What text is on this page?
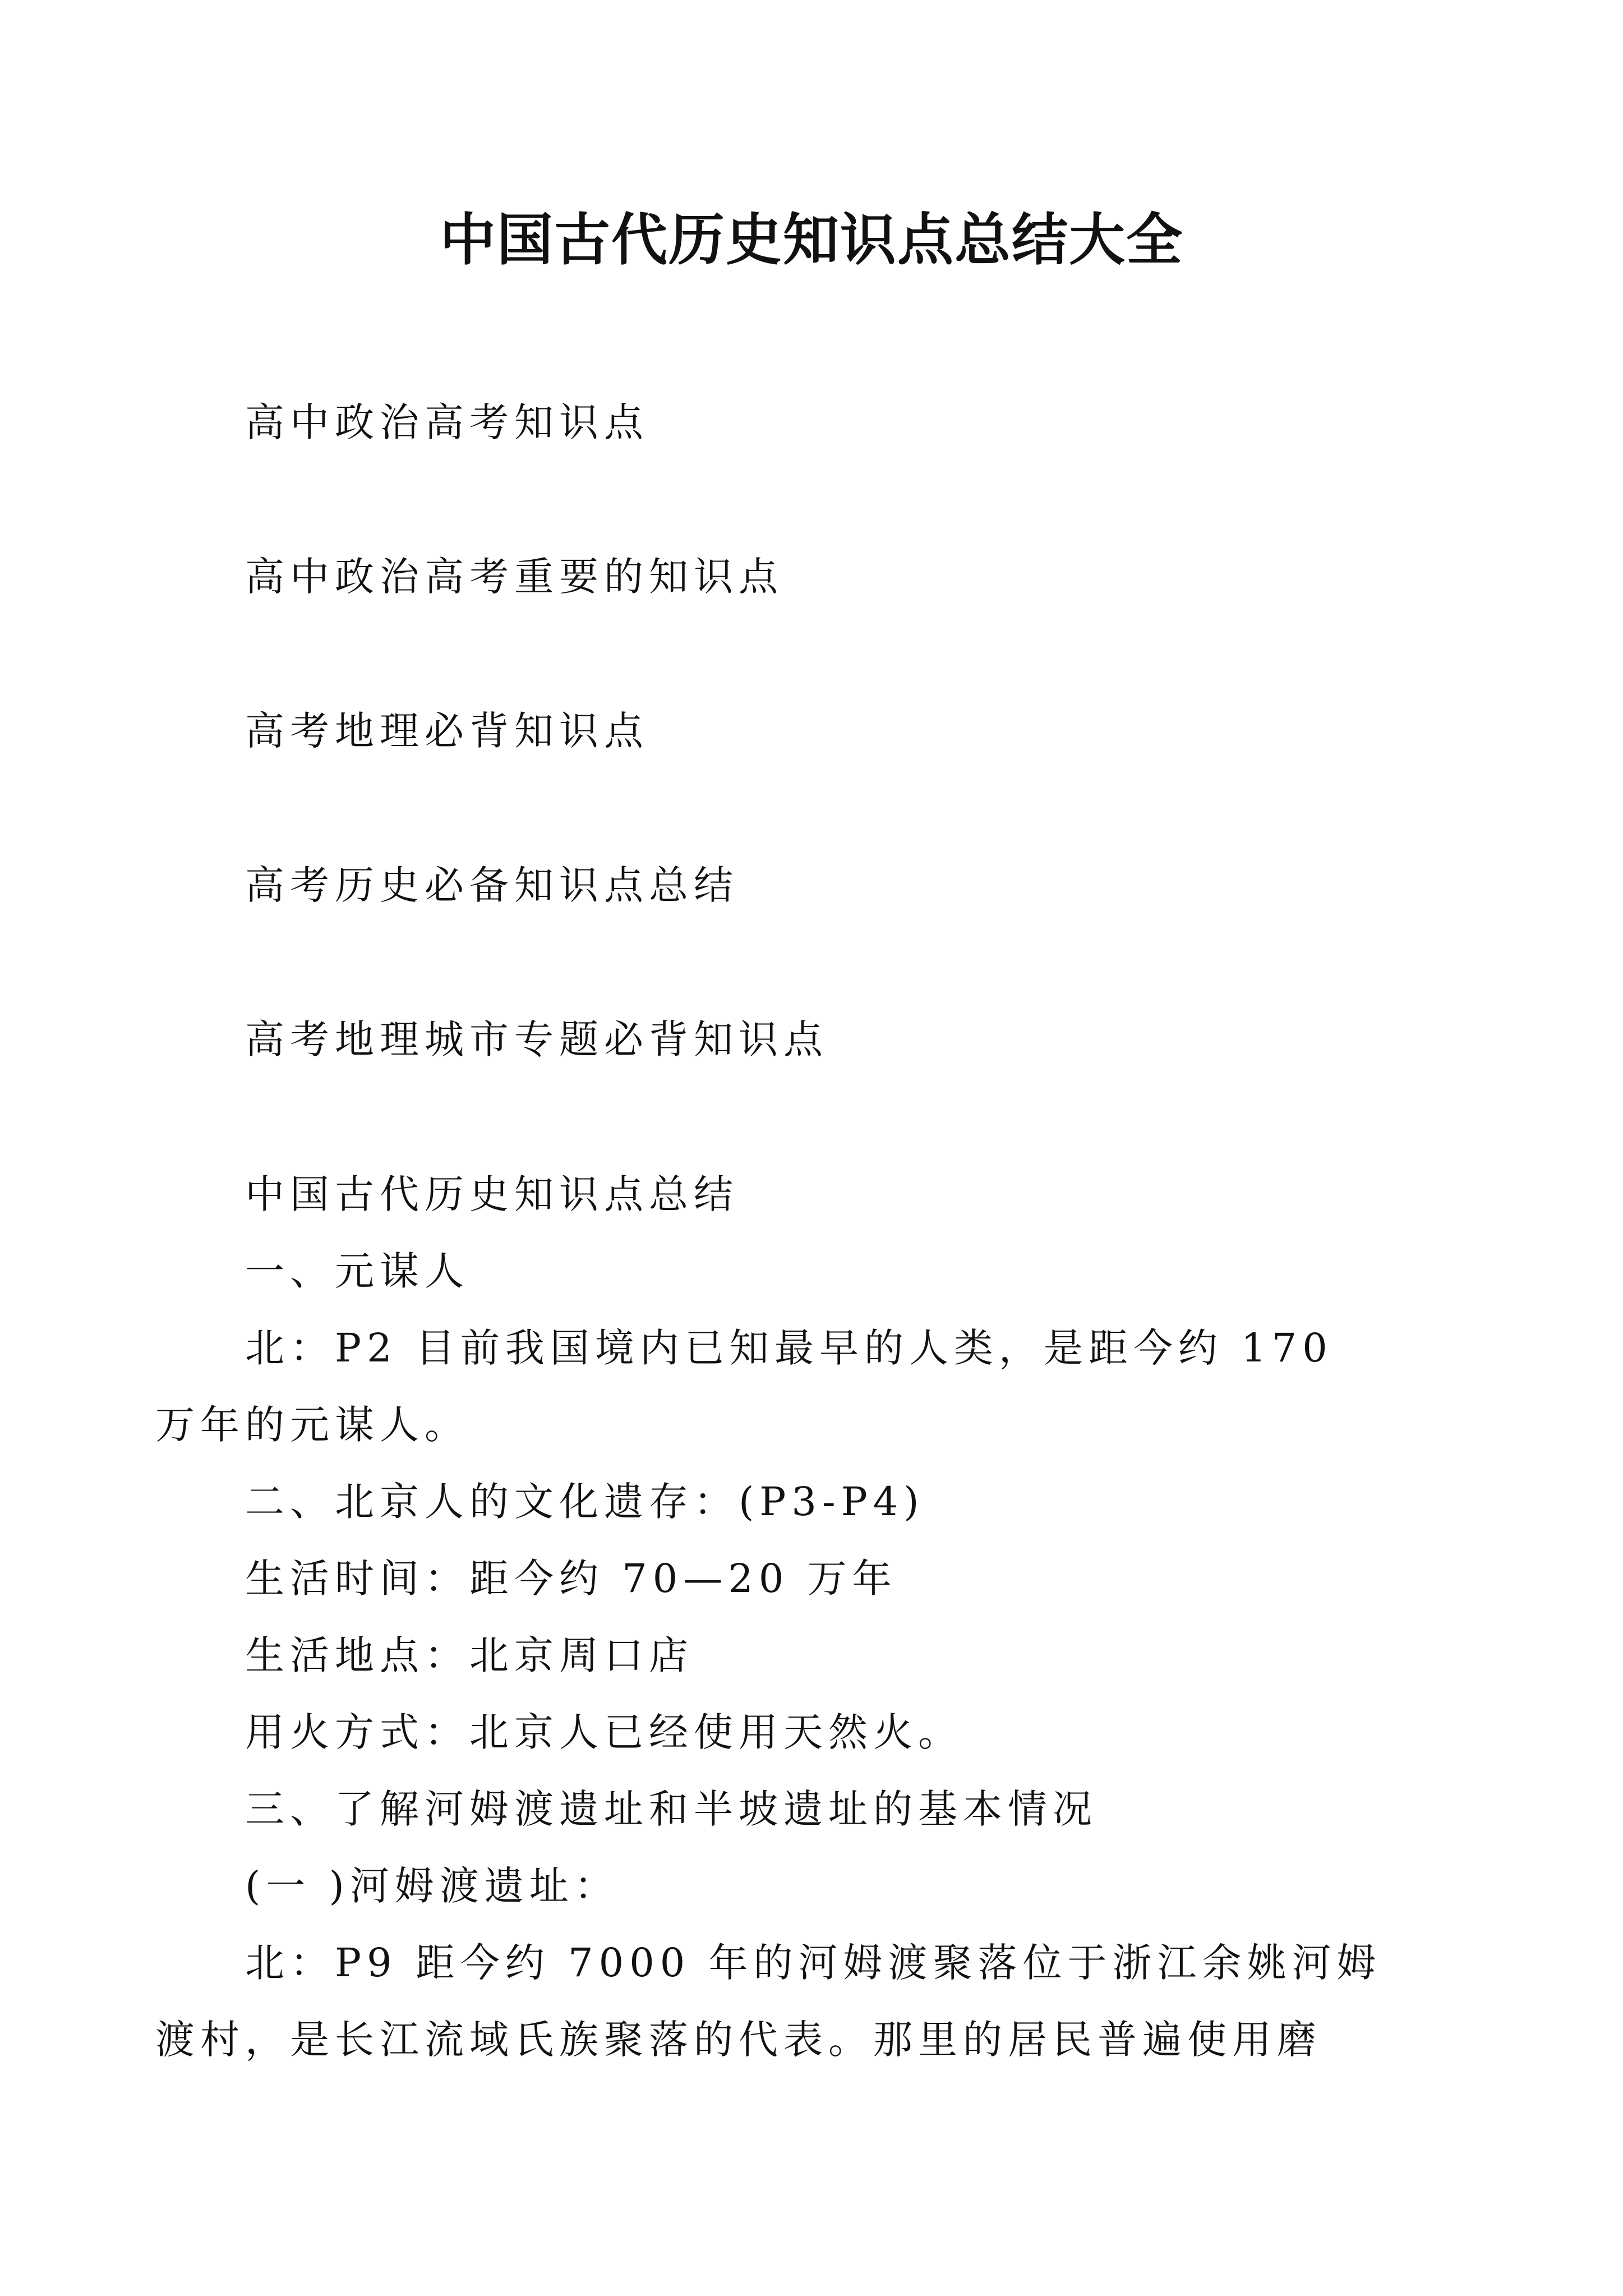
中国古代历史知识点总结大全
高中政治高考知识点
高中政治高考重要的知识点
高考地理必背知识点
高考历史必备知识点总结
高考地理城市专题必背知识点
中国古代历史知识点总结
一、元谋人
北：P2 目前我国境内已知最早的人类，是距今约 170 万年的元谋人。
二、北京人的文化遗存：(P3-P4)
生活时间：距今约 70—20 万年
生活地点：北京周口店
用火方式：北京人已经使用天然火。
三、了解河姆渡遗址和半坡遗址的基本情况
(一 )河姆渡遗址：
北：P9 距今约 7000 年的河姆渡聚落位于浙江余姚河姆渡村，是长江流域氏族聚落的代表。那里的居民普遍使用磨
